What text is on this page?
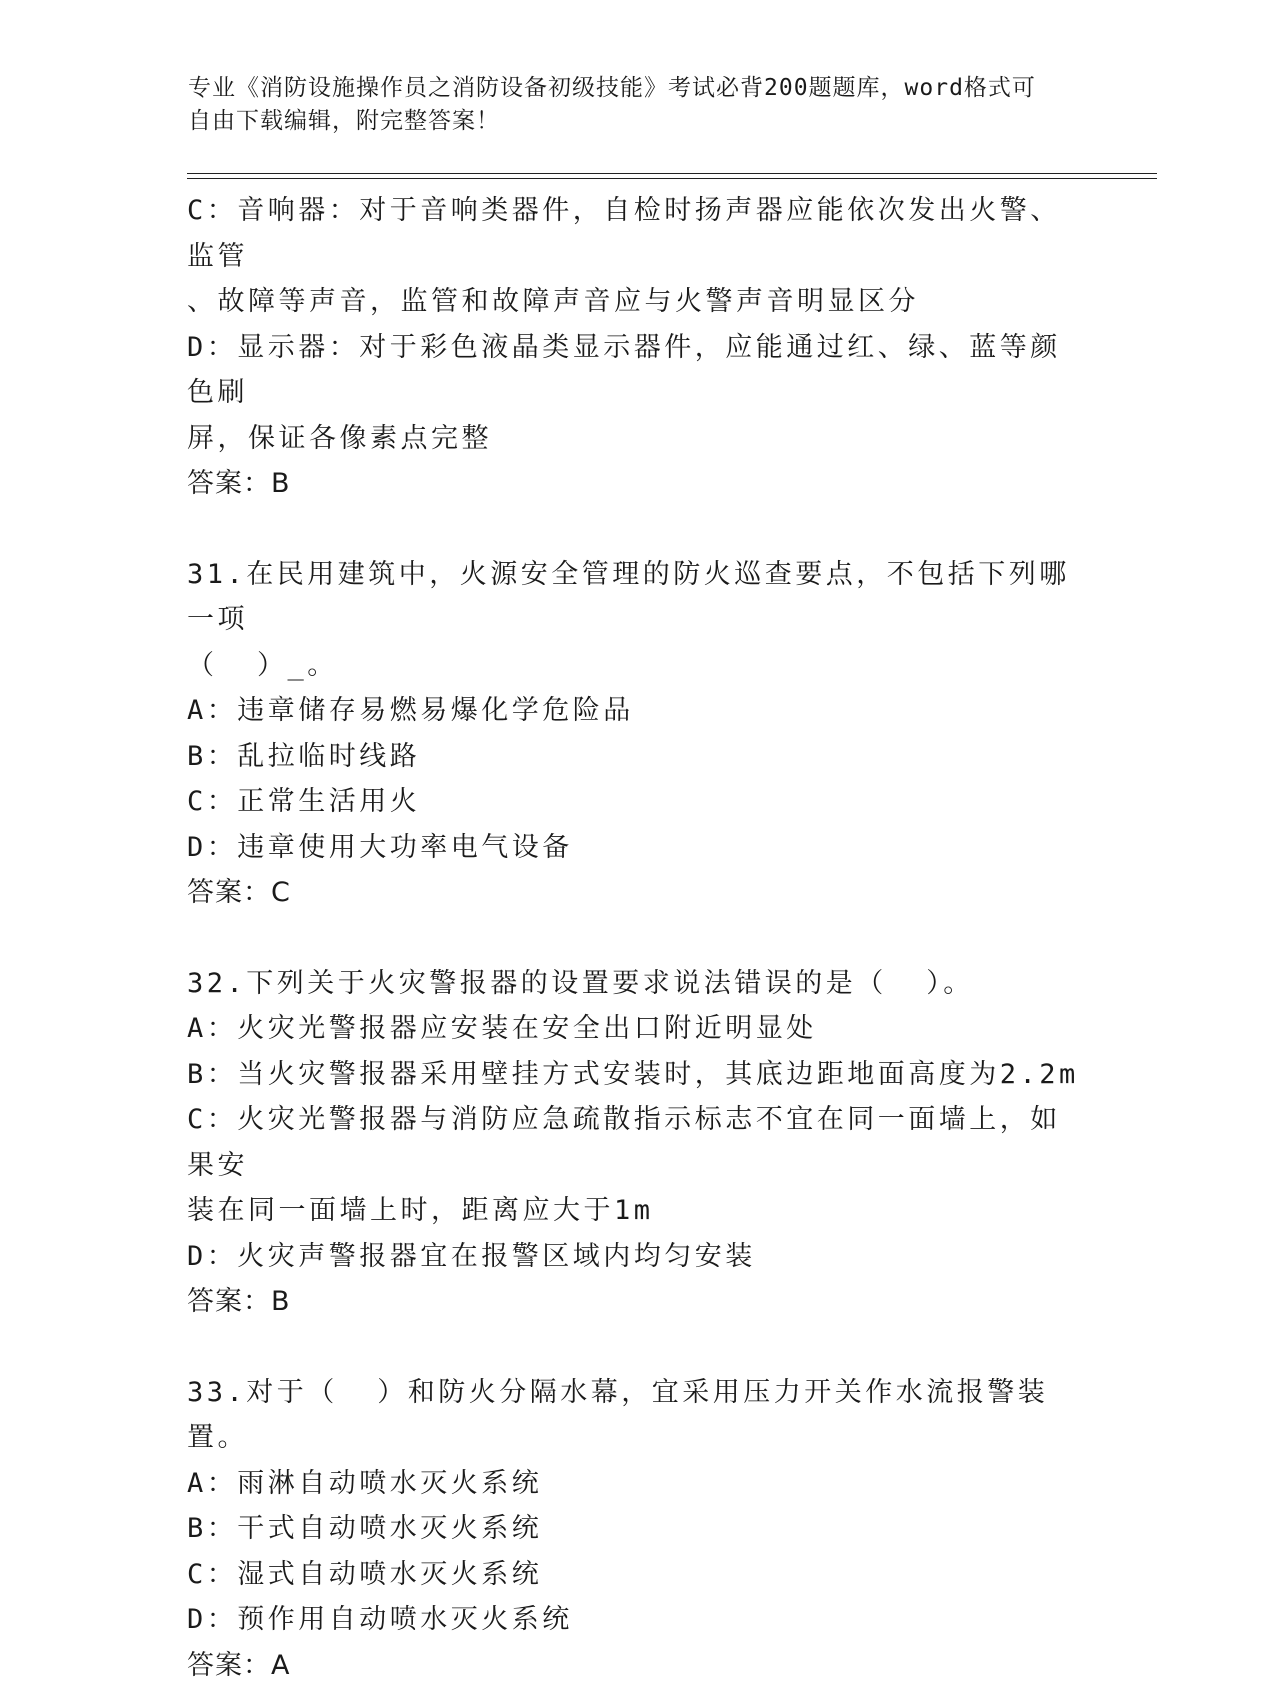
专业《消防设施操作员之消防设备初级技能》考试必背200题题库，word格式可
自由下载编辑，附完整答案！
C：音响器：对于音响类器件，自检时扬声器应能依次发出火警、监管
、故障等声音，监管和故障声音应与火警声音明显区分
D：显示器：对于彩色液晶类显示器件，应能通过红、绿、蓝等颜色刷
屏，保证各像素点完整
答案：B
31.在民用建筑中，火源安全管理的防火巡查要点，不包括下列哪一项
（  ）_。
A：违章储存易燃易爆化学危险品
B：乱拉临时线路
C：正常生活用火
D：违章使用大功率电气设备
答案：C
32.下列关于火灾警报器的设置要求说法错误的是（  ）。
A：火灾光警报器应安装在安全出口附近明显处
B：当火灾警报器采用壁挂方式安装时，其底边距地面高度为2.2m
C：火灾光警报器与消防应急疏散指示标志不宜在同一面墙上，如果安
装在同一面墙上时，距离应大于1m
D：火灾声警报器宜在报警区域内均匀安装
答案：B
33.对于（  ）和防火分隔水幕，宜采用压力开关作水流报警装置。
A：雨淋自动喷水灭火系统
B：干式自动喷水灭火系统
C：湿式自动喷水灭火系统
D：预作用自动喷水灭火系统
答案：A
